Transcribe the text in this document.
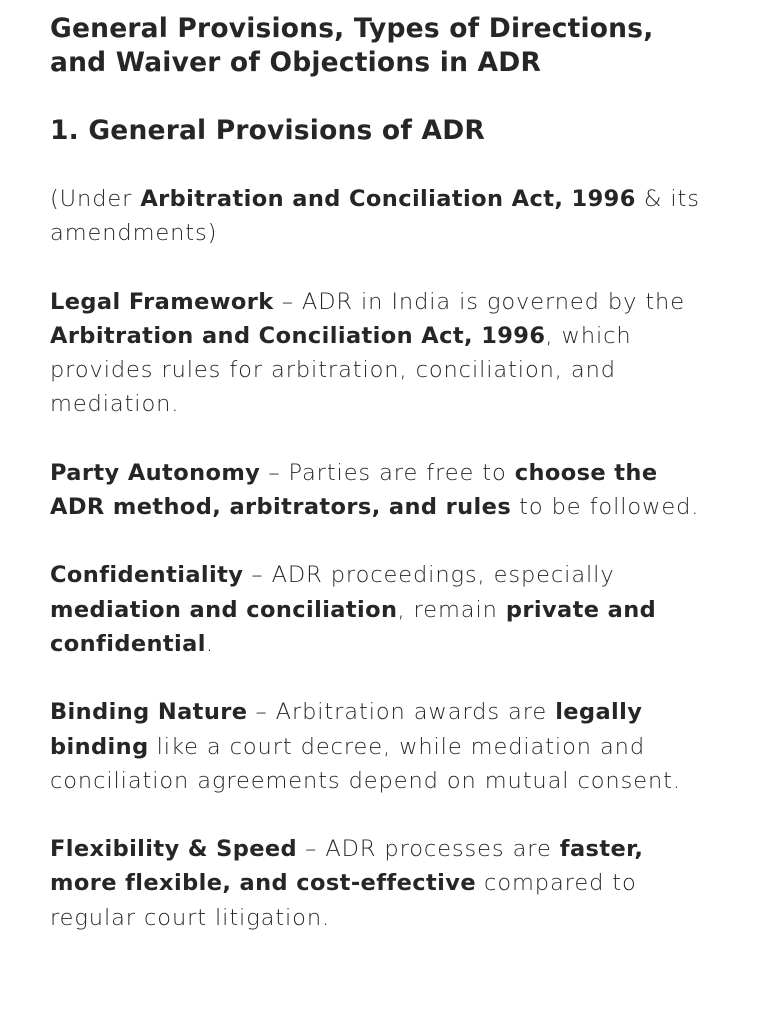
General Provisions, Types of Directions, and Waiver of Objections in ADR
1. General Provisions of ADR

(Under Arbitration and Conciliation Act, 1996 & its amendments)

Legal Framework – ADR in India is governed by the Arbitration and Conciliation Act, 1996, which provides rules for arbitration, conciliation, and mediation.

Party Autonomy – Parties are free to choose the ADR method, arbitrators, and rules to be followed.

Confidentiality – ADR proceedings, especially mediation and conciliation, remain private and confidential.

Binding Nature – Arbitration awards are legally binding like a court decree, while mediation and conciliation agreements depend on mutual consent.

Flexibility & Speed – ADR processes are faster, more flexible, and cost-effective compared to regular court litigation.
